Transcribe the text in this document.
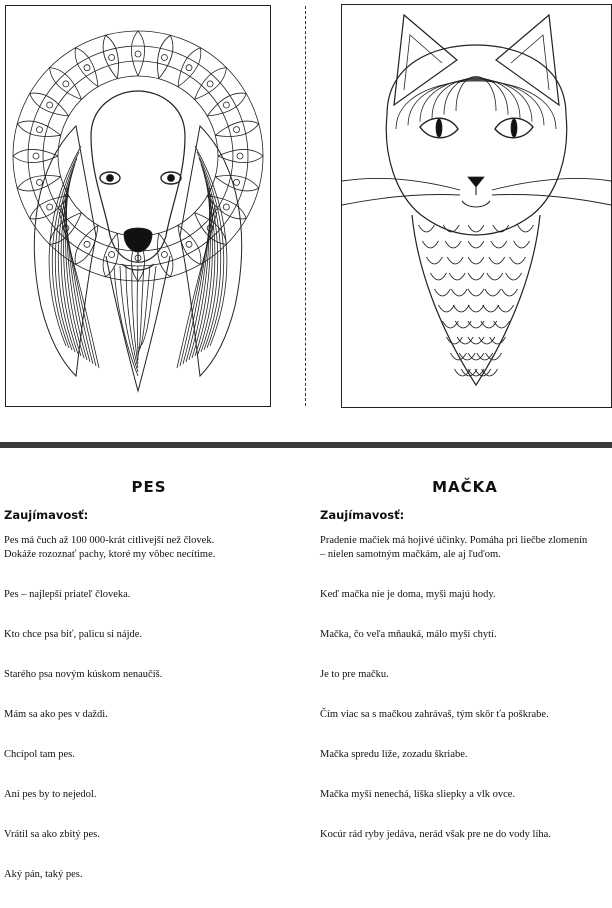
PES
Zaujímavosť:
Pes má čuch až 100 000-krát citlivejší než človek.
Dokáže rozoznať pachy, ktoré my vôbec necítime.
Pes – najlepší priateľ človeka.
Kto chce psa biť, palicu si nájde.
Starého psa novým kúskom nenaučíš.
Mám sa ako pes v daždi.
Chcípol tam pes.
Ani pes by to nejedol.
Vrátil sa ako zbitý pes.
Aký pán, taký pes.
MAČKA
Zaujímavosť:
Pradenie mačiek má hojivé účinky. Pomáha pri liečbe zlomenín
– nielen samotným mačkám, ale aj ľuďom.
Keď mačka nie je doma, myši majú hody.
Mačka, čo veľa mňauká, málo myší chytí.
Je to pre mačku.
Čím viac sa s mačkou zahrávaš, tým skôr ťa poškrabe.
Mačka spredu líže, zozadu škriabe.
Mačka myši nenechá, líška sliepky a vlk ovce.
Kocúr rád ryby jedáva, nerád však pre ne do vody líha.
